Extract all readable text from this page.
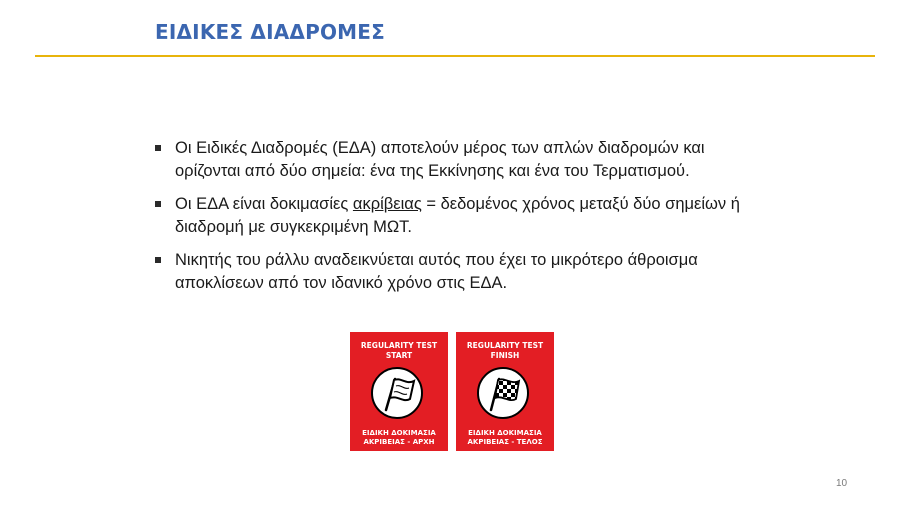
ΕΙΔΙΚΕΣ ΔΙΑΔΡΟΜΕΣ
Οι Ειδικές Διαδρομές (ΕΔΑ) αποτελούν μέρος των απλών διαδρομών και
ορίζονται από δύο σημεία: ένα της Εκκίνησης και ένα του Τερματισμού.
Οι ΕΔΑ είναι δοκιμασίες ακρίβειας = δεδομένος χρόνος μεταξύ δύο σημείων ή
διαδρομή με συγκεκριμένη ΜΩΤ.
Νικητής του ράλλυ αναδεικνύεται αυτός που έχει το μικρότερο άθροισμα
αποκλίσεων από τον ιδανικό χρόνο στις ΕΔΑ.
REGULARITY TEST
START
ΕΙΔΙΚΗ ΔΟΚΙΜΑΣΙΑ
ΑΚΡΙΒΕΙΑΣ - ΑΡΧΗ
REGULARITY TEST
FINISH
ΕΙΔΙΚΗ ΔΟΚΙΜΑΣΙΑ
ΑΚΡΙΒΕΙΑΣ - ΤΕΛΟΣ
10
